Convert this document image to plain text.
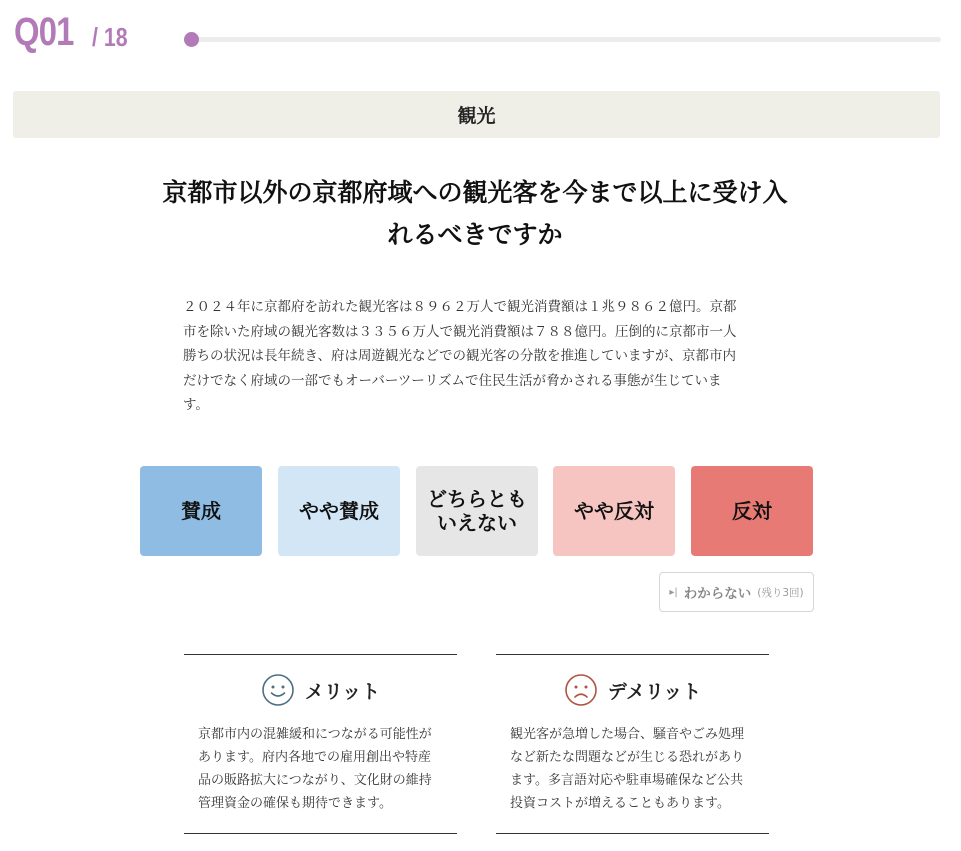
Q01 / 18
観光
京都市以外の京都府域への観光客を今まで以上に受け入
れるべきですか
２０２４年に京都府を訪れた観光客は８９６２万人で観光消費額は１兆９８６２億円。京都
市を除いた府域の観光客数は３３５６万人で観光消費額は７８８億円。圧倒的に京都市一人
勝ちの状況は長年続き、府は周遊観光などでの観光客の分散を推進していますが、京都市内
だけでなく府域の一部でもオーバーツーリズムで住民生活が脅かされる事態が生じていま
す。
賛成	やや賛成 どちらとも
いえない	やや反対	反対
▸| わからない (残り3回)
メリット
京都市内の混雑緩和につながる可能性が
あります。府内各地での雇用創出や特産
品の販路拡大につながり、文化財の維持
管理資金の確保も期待できます。
デメリット
観光客が急増した場合、騒音やごみ処理
など新たな問題などが生じる恐れがあり
ます。多言語対応や駐車場確保など公共
投資コストが増えることもあります。
